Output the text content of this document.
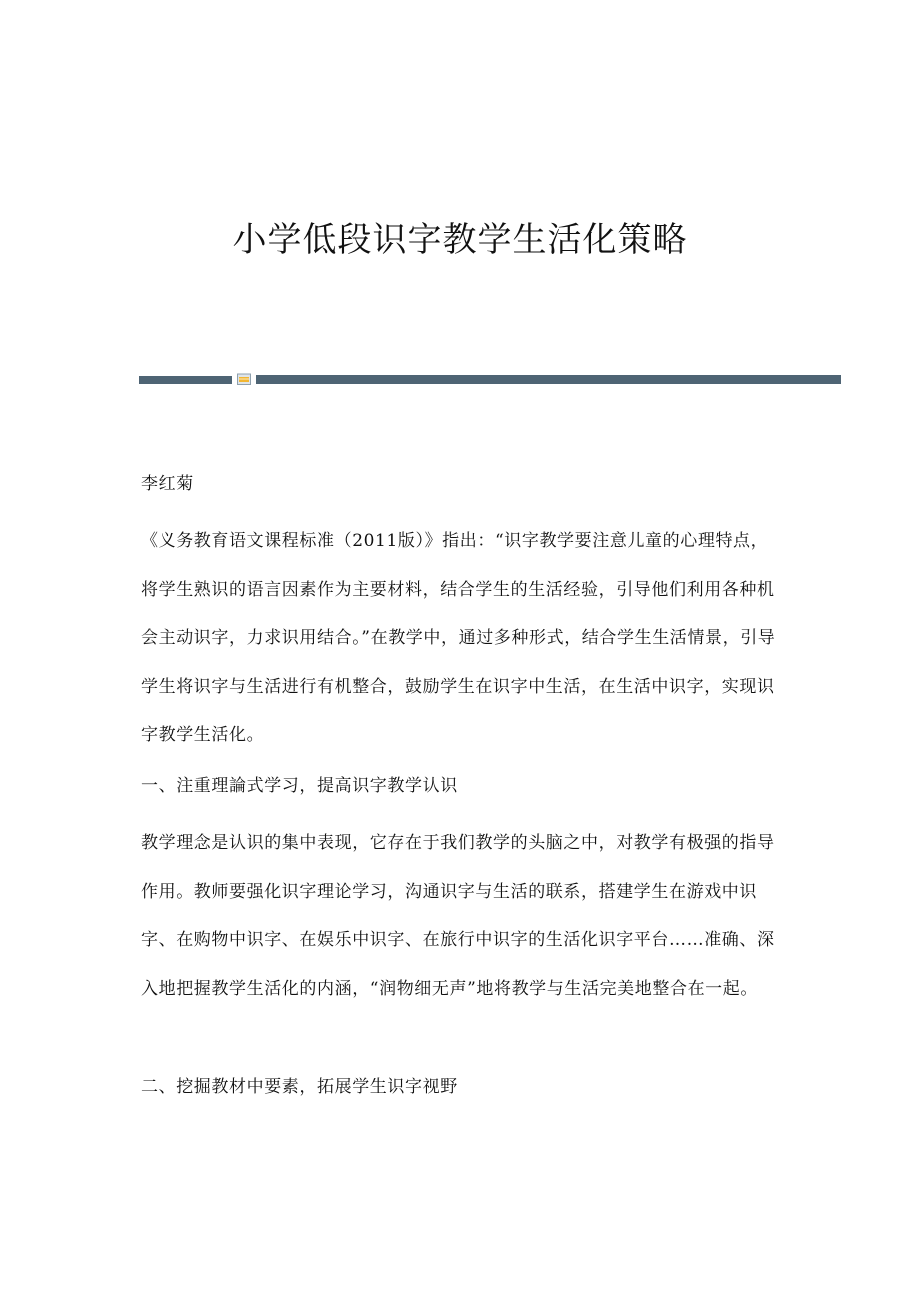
小学低段识字教学生活化策略

李红菊

《义务教育语文课程标准（2011版）》指出：“识字教学要注意儿童的心理特点，将学生熟识的语言因素作为主要材料，结合学生的生活经验，引导他们利用各种机会主动识字，力求识用结合。”在教学中，通过多种形式，结合学生生活情景，引导学生将识字与生活进行有机整合，鼓励学生在识字中生活，在生活中识字，实现识字教学生活化。

一、注重理論式学习，提高识字教学认识

教学理念是认识的集中表现，它存在于我们教学的头脑之中，对教学有极强的指导作用。教师要强化识字理论学习，沟通识字与生活的联系，搭建学生在游戏中识字、在购物中识字、在娱乐中识字、在旅行中识字的生活化识字平台……准确、深入地把握教学生活化的内涵，“润物细无声”地将教学与生活完美地整合在一起。

二、挖掘教材中要素，拓展学生识字视野
